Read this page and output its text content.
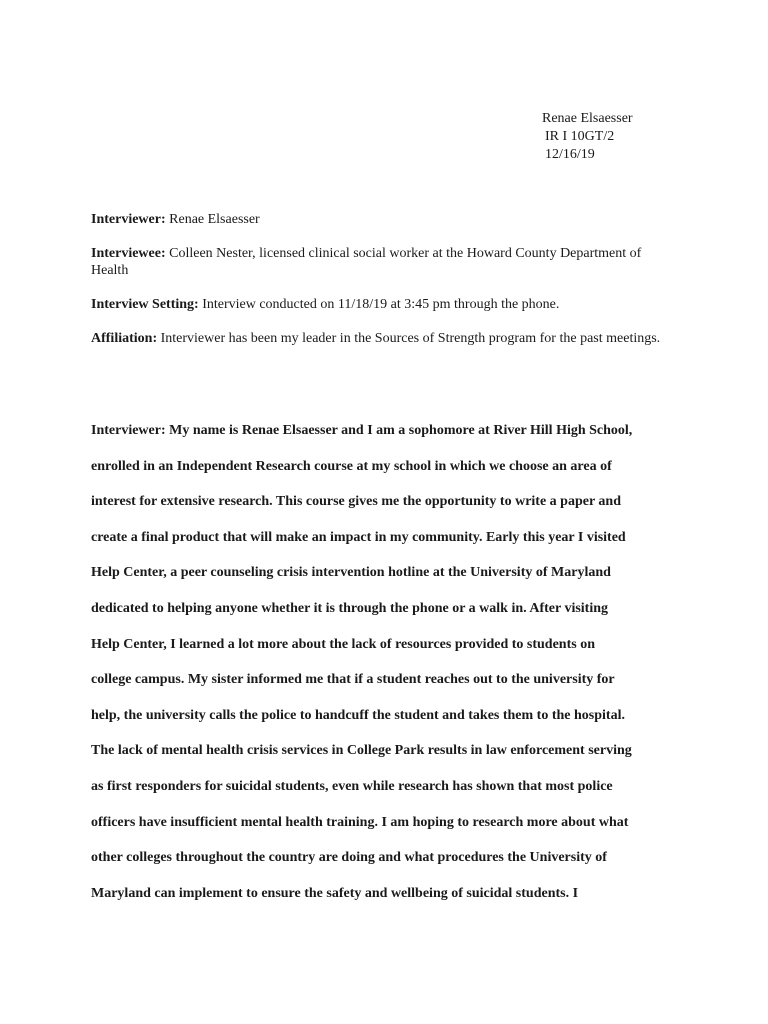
Renae Elsaesser
IR I 10GT/2
12/16/19
Interviewer: Renae Elsaesser
Interviewee: Colleen Nester, licensed clinical social worker at the Howard County Department of Health
Interview Setting: Interview conducted on 11/18/19 at 3:45 pm through the phone.
Affiliation: Interviewer has been my leader in the Sources of Strength program for the past meetings.
Interviewer: My name is Renae Elsaesser and I am a sophomore at River Hill High School,
enrolled in an Independent Research course at my school in which we choose an area of
interest for extensive research. This course gives me the opportunity to write a paper and
create a final product that will make an impact in my community. Early this year I visited
Help Center, a peer counseling crisis intervention hotline at the University of Maryland
dedicated to helping anyone whether it is through the phone or a walk in. After visiting
Help Center, I learned a lot more about the lack of resources provided to students on
college campus. My sister informed me that if a student reaches out to the university for
help, the university calls the police to handcuff the student and takes them to the hospital.
The lack of mental health crisis services in College Park results in law enforcement serving
as first responders for suicidal students, even while research has shown that most police
officers have insufficient mental health training. I am hoping to research more about what
other colleges throughout the country are doing and what procedures the University of
Maryland can implement to ensure the safety and wellbeing of suicidal students. I
